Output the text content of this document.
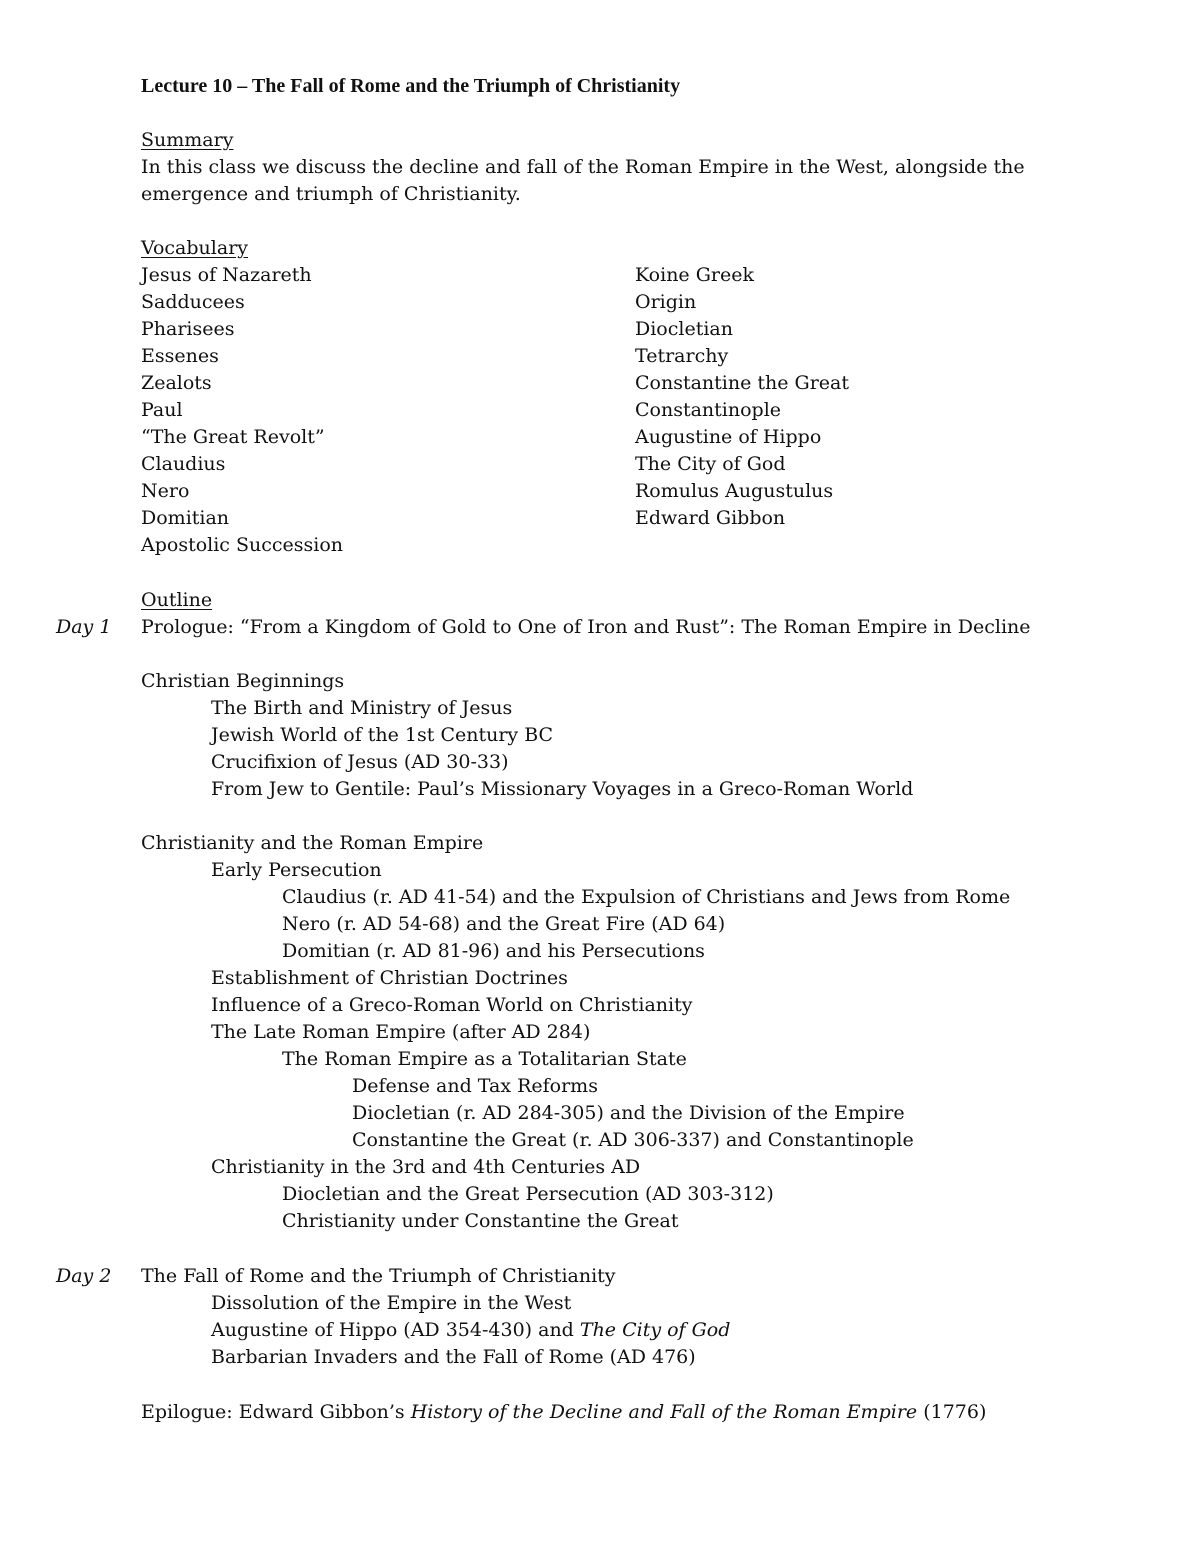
Lecture 10 – The Fall of Rome and the Triumph of Christianity
Summary
In this class we discuss the decline and fall of the Roman Empire in the West, alongside the
emergence and triumph of Christianity.
Vocabulary
Jesus of Nazareth
Sadducees
Pharisees
Essenes
Zealots
Paul
“The Great Revolt”
Claudius
Nero
Domitian
Apostolic Succession
Koine Greek
Origin
Diocletian
Tetrarchy
Constantine the Great
Constantinople
Augustine of Hippo
The City of God
Romulus Augustulus
Edward Gibbon
Outline
Day 1 Prologue: “From a Kingdom of Gold to One of Iron and Rust”: The Roman Empire in Decline
Christian Beginnings
The Birth and Ministry of Jesus
Jewish World of the 1st Century BC
Crucifixion of Jesus (AD 30-33)
From Jew to Gentile: Paul’s Missionary Voyages in a Greco-Roman World
Christianity and the Roman Empire
Early Persecution
Claudius (r. AD 41-54) and the Expulsion of Christians and Jews from Rome
Nero (r. AD 54-68) and the Great Fire (AD 64)
Domitian (r. AD 81-96) and his Persecutions
Establishment of Christian Doctrines
Influence of a Greco-Roman World on Christianity
The Late Roman Empire (after AD 284)
The Roman Empire as a Totalitarian State
Defense and Tax Reforms
Diocletian (r. AD 284-305) and the Division of the Empire
Constantine the Great (r. AD 306-337) and Constantinople
Christianity in the 3rd and 4th Centuries AD
Diocletian and the Great Persecution (AD 303-312)
Christianity under Constantine the Great
Day 2 The Fall of Rome and the Triumph of Christianity
Dissolution of the Empire in the West
Augustine of Hippo (AD 354-430) and The City of God
Barbarian Invaders and the Fall of Rome (AD 476)
Epilogue: Edward Gibbon’s History of the Decline and Fall of the Roman Empire (1776)
